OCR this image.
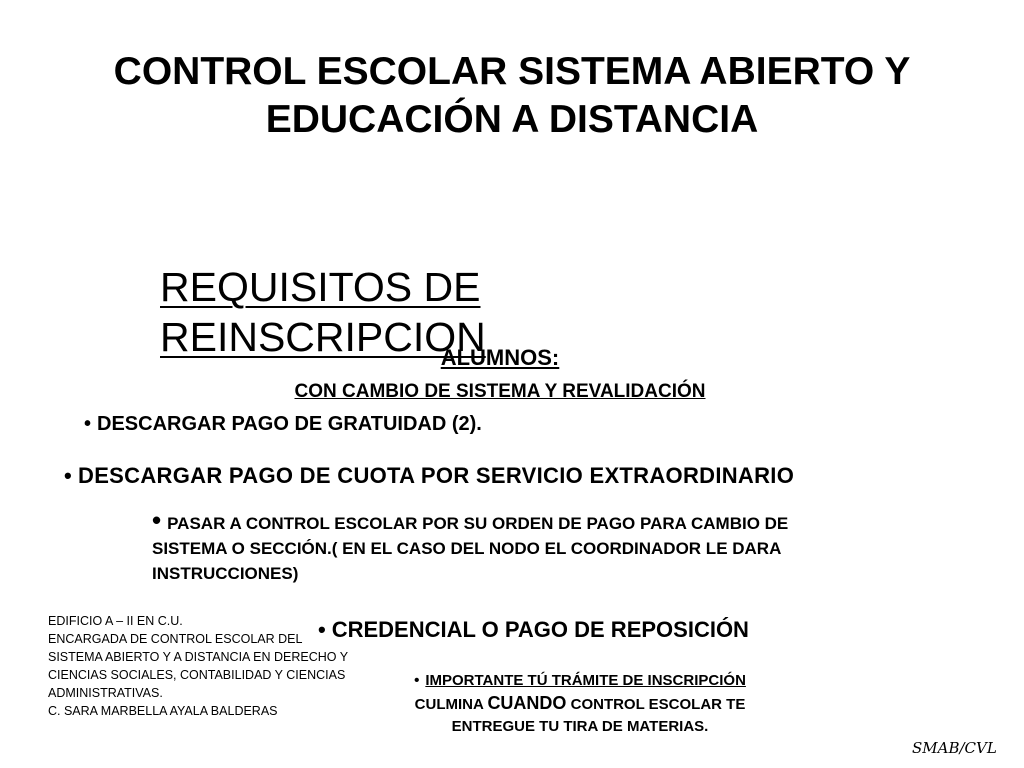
CONTROL ESCOLAR SISTEMA ABIERTO Y
EDUCACIÓN A DISTANCIA
REQUISITOS DE REINSCRIPCION
ALUMNOS:
CON CAMBIO DE SISTEMA Y REVALIDACIÓN
• DESCARGAR PAGO DE GRATUIDAD (2).
• DESCARGAR PAGO DE CUOTA POR SERVICIO EXTRAORDINARIO
• PASAR A CONTROL ESCOLAR POR SU ORDEN DE PAGO PARA CAMBIO DE
SISTEMA O SECCIÓN.( EN EL CASO DEL NODO EL COORDINADOR LE DARA
INSTRUCCIONES)
EDIFICIO A – II EN C.U.
ENCARGADA DE CONTROL ESCOLAR DEL
SISTEMA ABIERTO Y A DISTANCIA EN DERECHO Y
CIENCIAS SOCIALES, CONTABILIDAD Y CIENCIAS
ADMINISTRATIVAS.
C. SARA MARBELLA AYALA BALDERAS
• CREDENCIAL O PAGO DE REPOSICIÓN
• IMPORTANTE TÚ TRÁMITE DE INSCRIPCIÓN
CULMINA CUANDO CONTROL ESCOLAR TE
ENTREGUE TU TIRA DE MATERIAS.
SMAB/CVL
